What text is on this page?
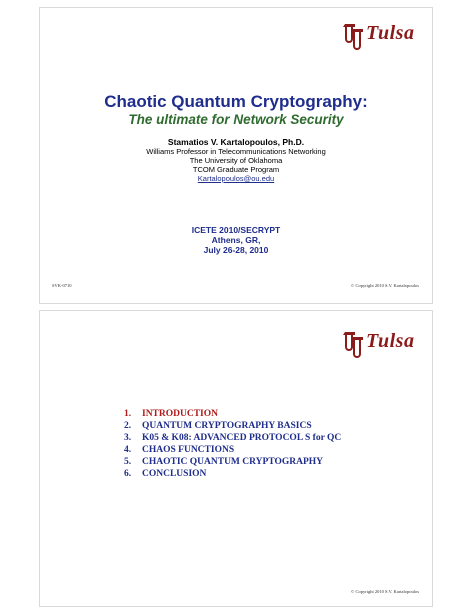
Tulsa
Chaotic Quantum Cryptography:
The ultimate for Network Security
Stamatios V. Kartalopoulos, Ph.D.
Williams Professor in Telecommunications Networking
The University of Oklahoma
TCOM Graduate Program
Kartalopoulos@ou.edu
ICETE 2010/SECRYPT
Athens, GR,
July 26-28, 2010
SVK-0710	© Copyright 2010 S.V. Kartalopoulos
Tulsa
1. INTRODUCTION
2. QUANTUM CRYPTOGRAPHY BASICS
3. K05 & K08: ADVANCED PROTOCOL S for QC
4. CHAOS FUNCTIONS
5. CHAOTIC QUANTUM CRYPTOGRAPHY
6. CONCLUSION
© Copyright 2010 S.V. Kartalopoulos
